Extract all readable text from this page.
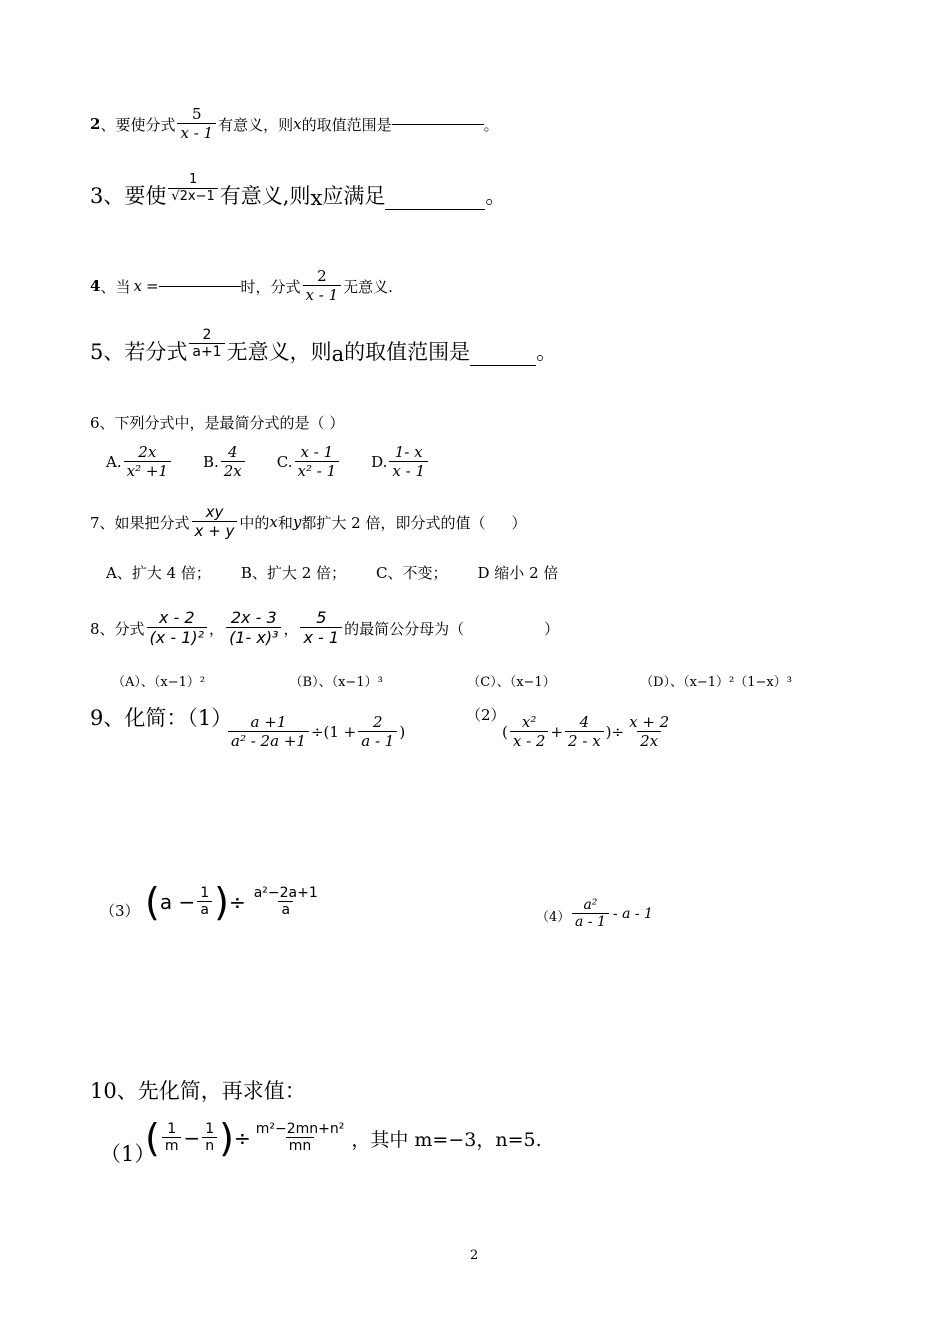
2 、 要使分式 $\frac{5}{x - 1}$ 有意义，则 x 的取值范围是	。
3、 要使 $\frac{1}{√2x-1}$ 有意义,则 x 应满足	。
4 、 当 x =	时，分式 $\frac{2}{x - 1}$ 无意义.
5、 若分式 $\frac{2}{a+1}$ 无意义，则 a 的取值范围是	。
6、下列分式中，是最简分式的是（ ）
A. $\frac{2x}{\text{x² +1}} B$. $\frac{4}{2x} C$. $\frac{x - 1}{\text{x² - 1}} D$. $\frac{1- x}{x - 1}$
7、如果把分式 $\frac{xy}{x + y}$ 中的 x 和 y 都扩大 2 倍，即分式的值（ ）
A、扩大 4 倍； B、扩大 2 倍； C、不变； D 缩小 2 倍
8、分式 $\frac{x - 2}{\text{(x - 1)²}}$ ， $\frac{2x - 3}{\text{(1- x)³}}$ ， $\frac{5}{x - 1}$ 的最简公分母为（	）
（A）、（x−1）²	（B）、（x−1）³	（C）、（x−1）	（D）、（x−1）²（1−x）³
9、化简：（1）
$\frac{a +1}{\text{a² - 2a +1}} \div(1 + \frac{2}{a - 1}$ )
（2）
( $\frac{\text{x²}}{x - 2} + \frac{4}{2 - x}$ ) ÷ $\frac{x + 2}{2x}$
（3） ( $a - \frac{1}{a}$ ) ÷ $\frac{\text{a²−2a+1}}{a}$	$(4) \frac{\text{a²}}{a - 1}$ - a - 1
10、先化简，再求值：
（1）
( $\frac{1}{m} - \frac{1}{n}$ ) ÷ $\frac{\text{m²−2mn+n²}}{mn}$ ，其中 m=−3，n=5.
2
